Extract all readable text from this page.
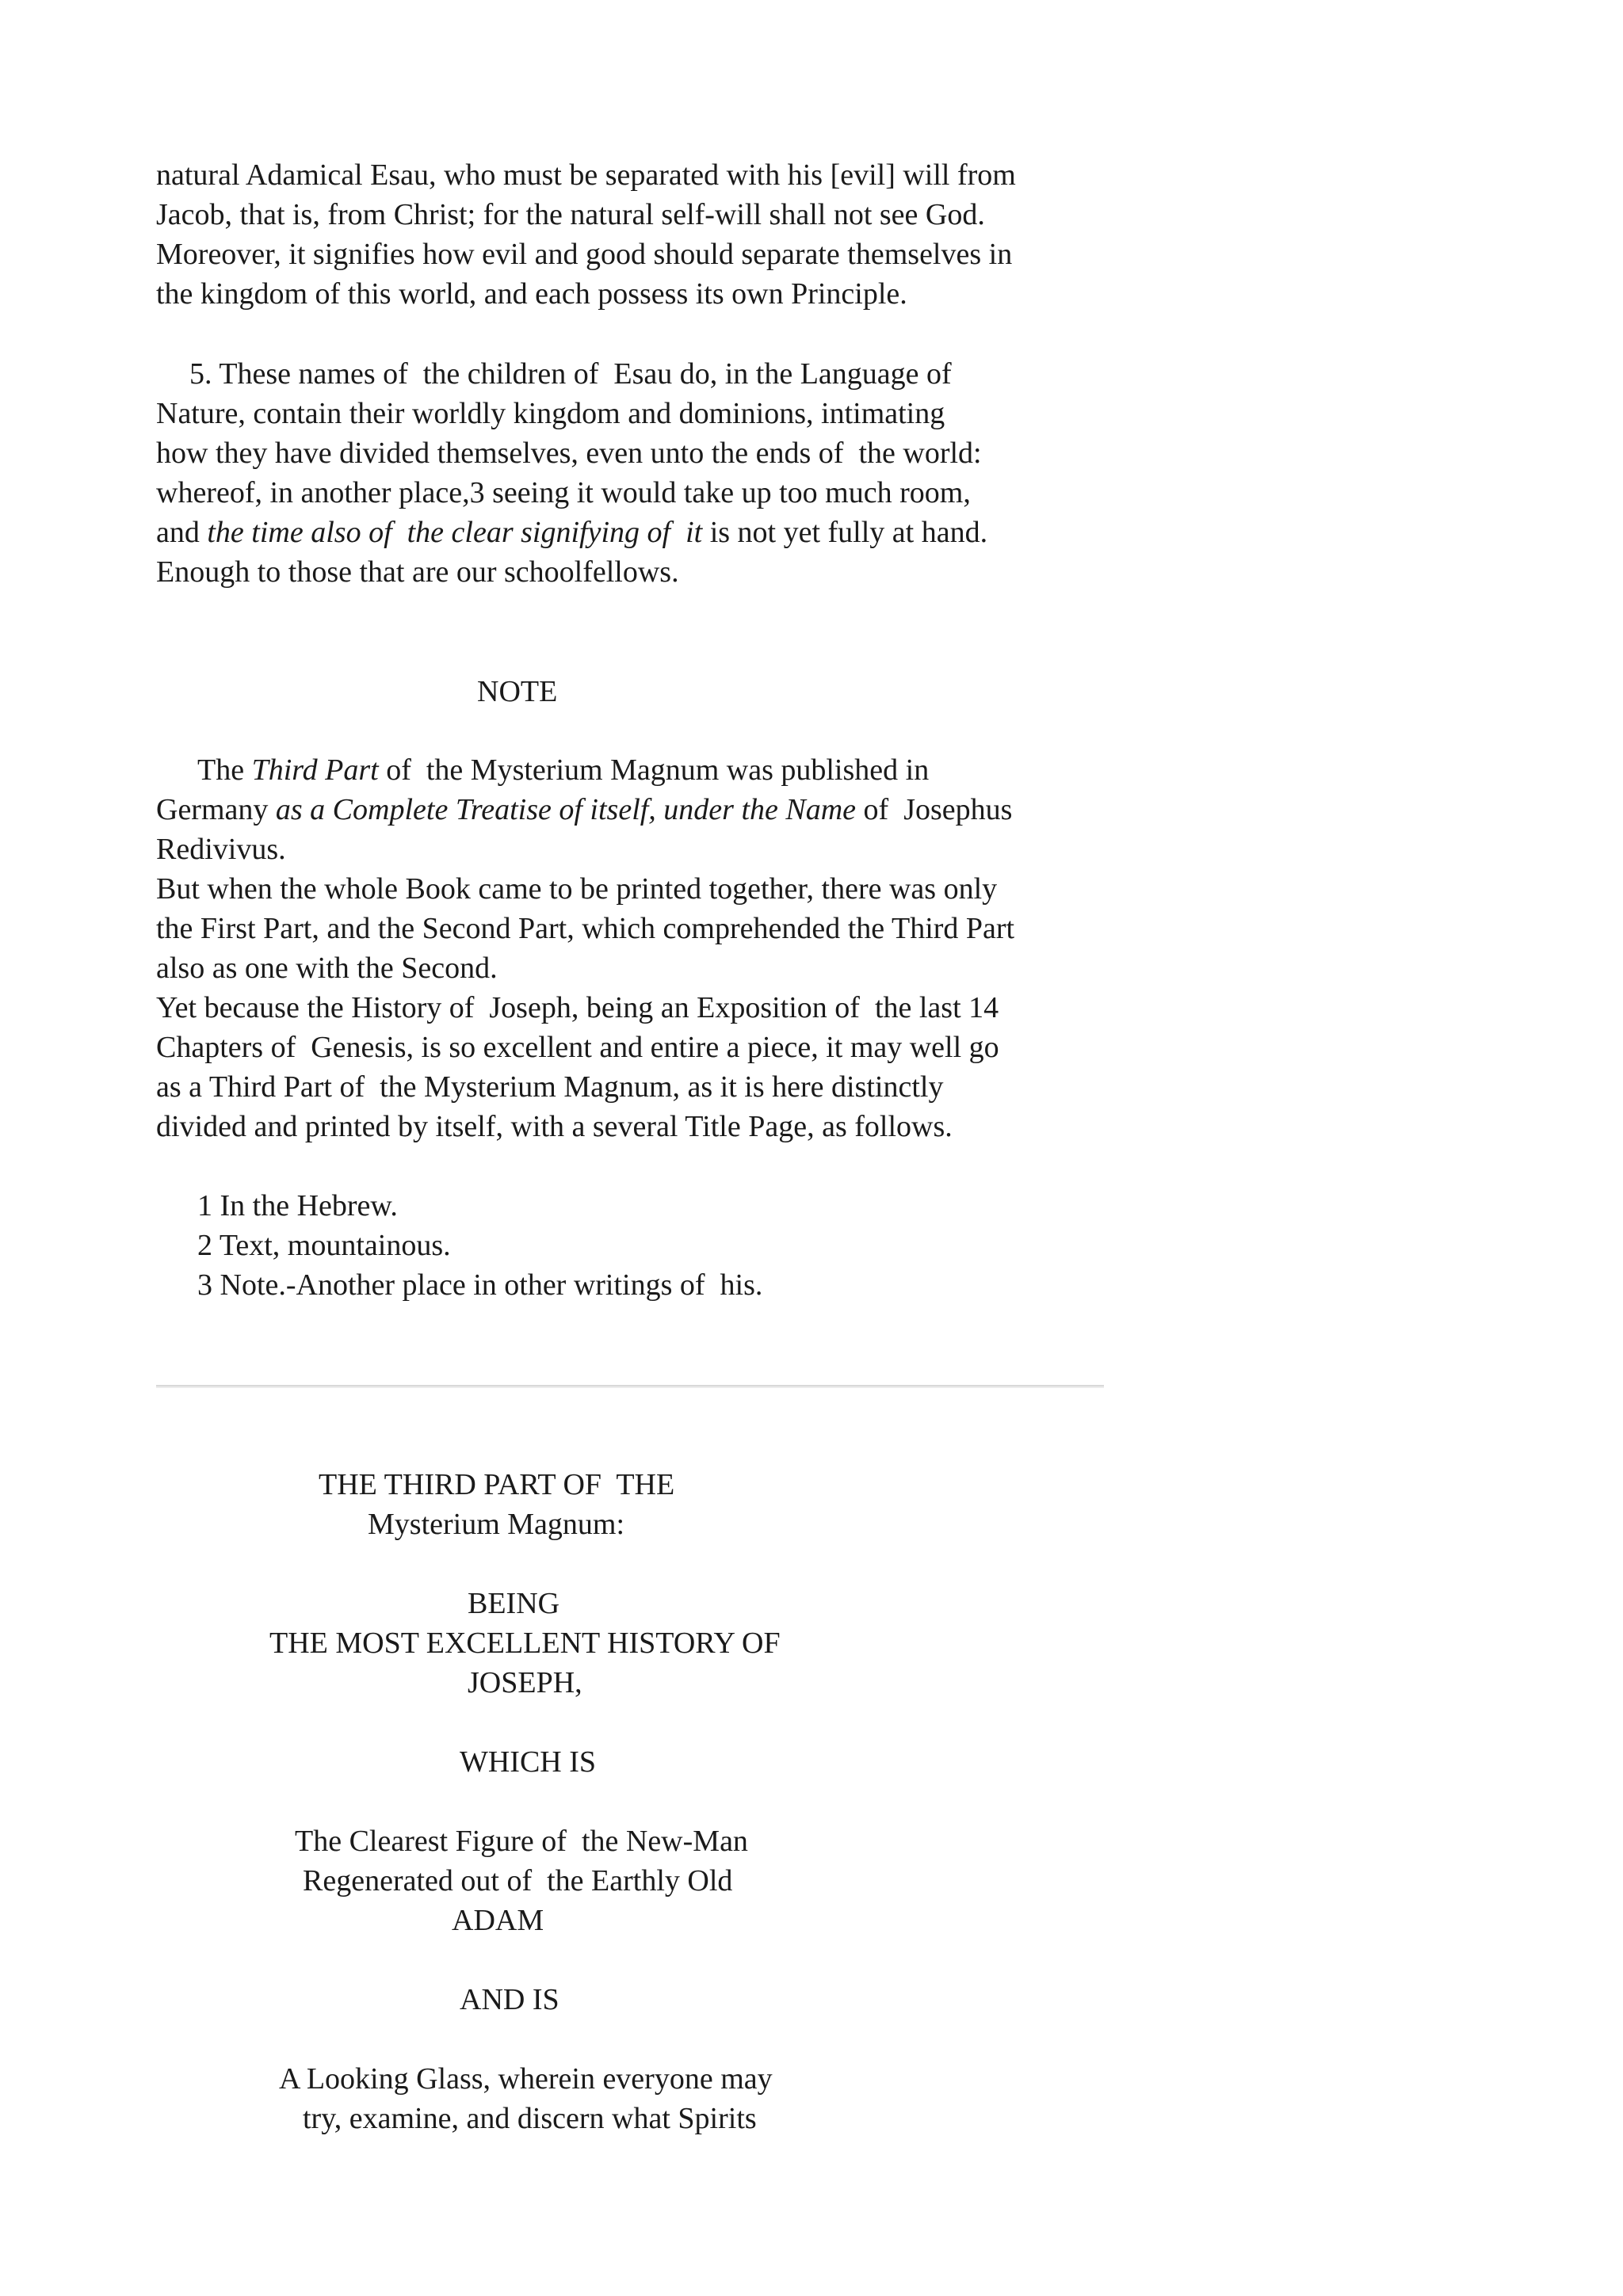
natural Adamical Esau, who must be separated with his [evil] will from
Jacob, that is, from Christ; for the natural self-will shall not see God.
Moreover, it signifies how evil and good should separate themselves in
the kingdom of this world, and each possess its own Principle.
5. These names of  the children of  Esau do, in the Language of
Nature, contain their worldly kingdom and dominions, intimating
how they have divided themselves, even unto the ends of  the world:
whereof, in another place,3 seeing it would take up too much room,
and the time also of  the clear signifying of  it is not yet fully at hand.
Enough to those that are our schoolfellows.
NOTE
The Third Part of  the Mysterium Magnum was published in
Germany as a Complete Treatise of itself, under the Name of  Josephus
Redivivus.
But when the whole Book came to be printed together, there was only
the First Part, and the Second Part, which comprehended the Third Part
also as one with the Second.
Yet because the History of  Joseph, being an Exposition of  the last 14
Chapters of  Genesis, is so excellent and entire a piece, it may well go
as a Third Part of  the Mysterium Magnum, as it is here distinctly
divided and printed by itself, with a several Title Page, as follows.
1 In the Hebrew.
2 Text, mountainous.
3 Note.-Another place in other writings of  his.
THE THIRD PART OF  THE
Mysterium Magnum:
BEING
THE MOST EXCELLENT HISTORY OF
JOSEPH,
WHICH IS
The Clearest Figure of  the New-Man
Regenerated out of  the Earthly Old
ADAM
AND IS
A Looking Glass, wherein everyone may
try, examine, and discern what Spirits
